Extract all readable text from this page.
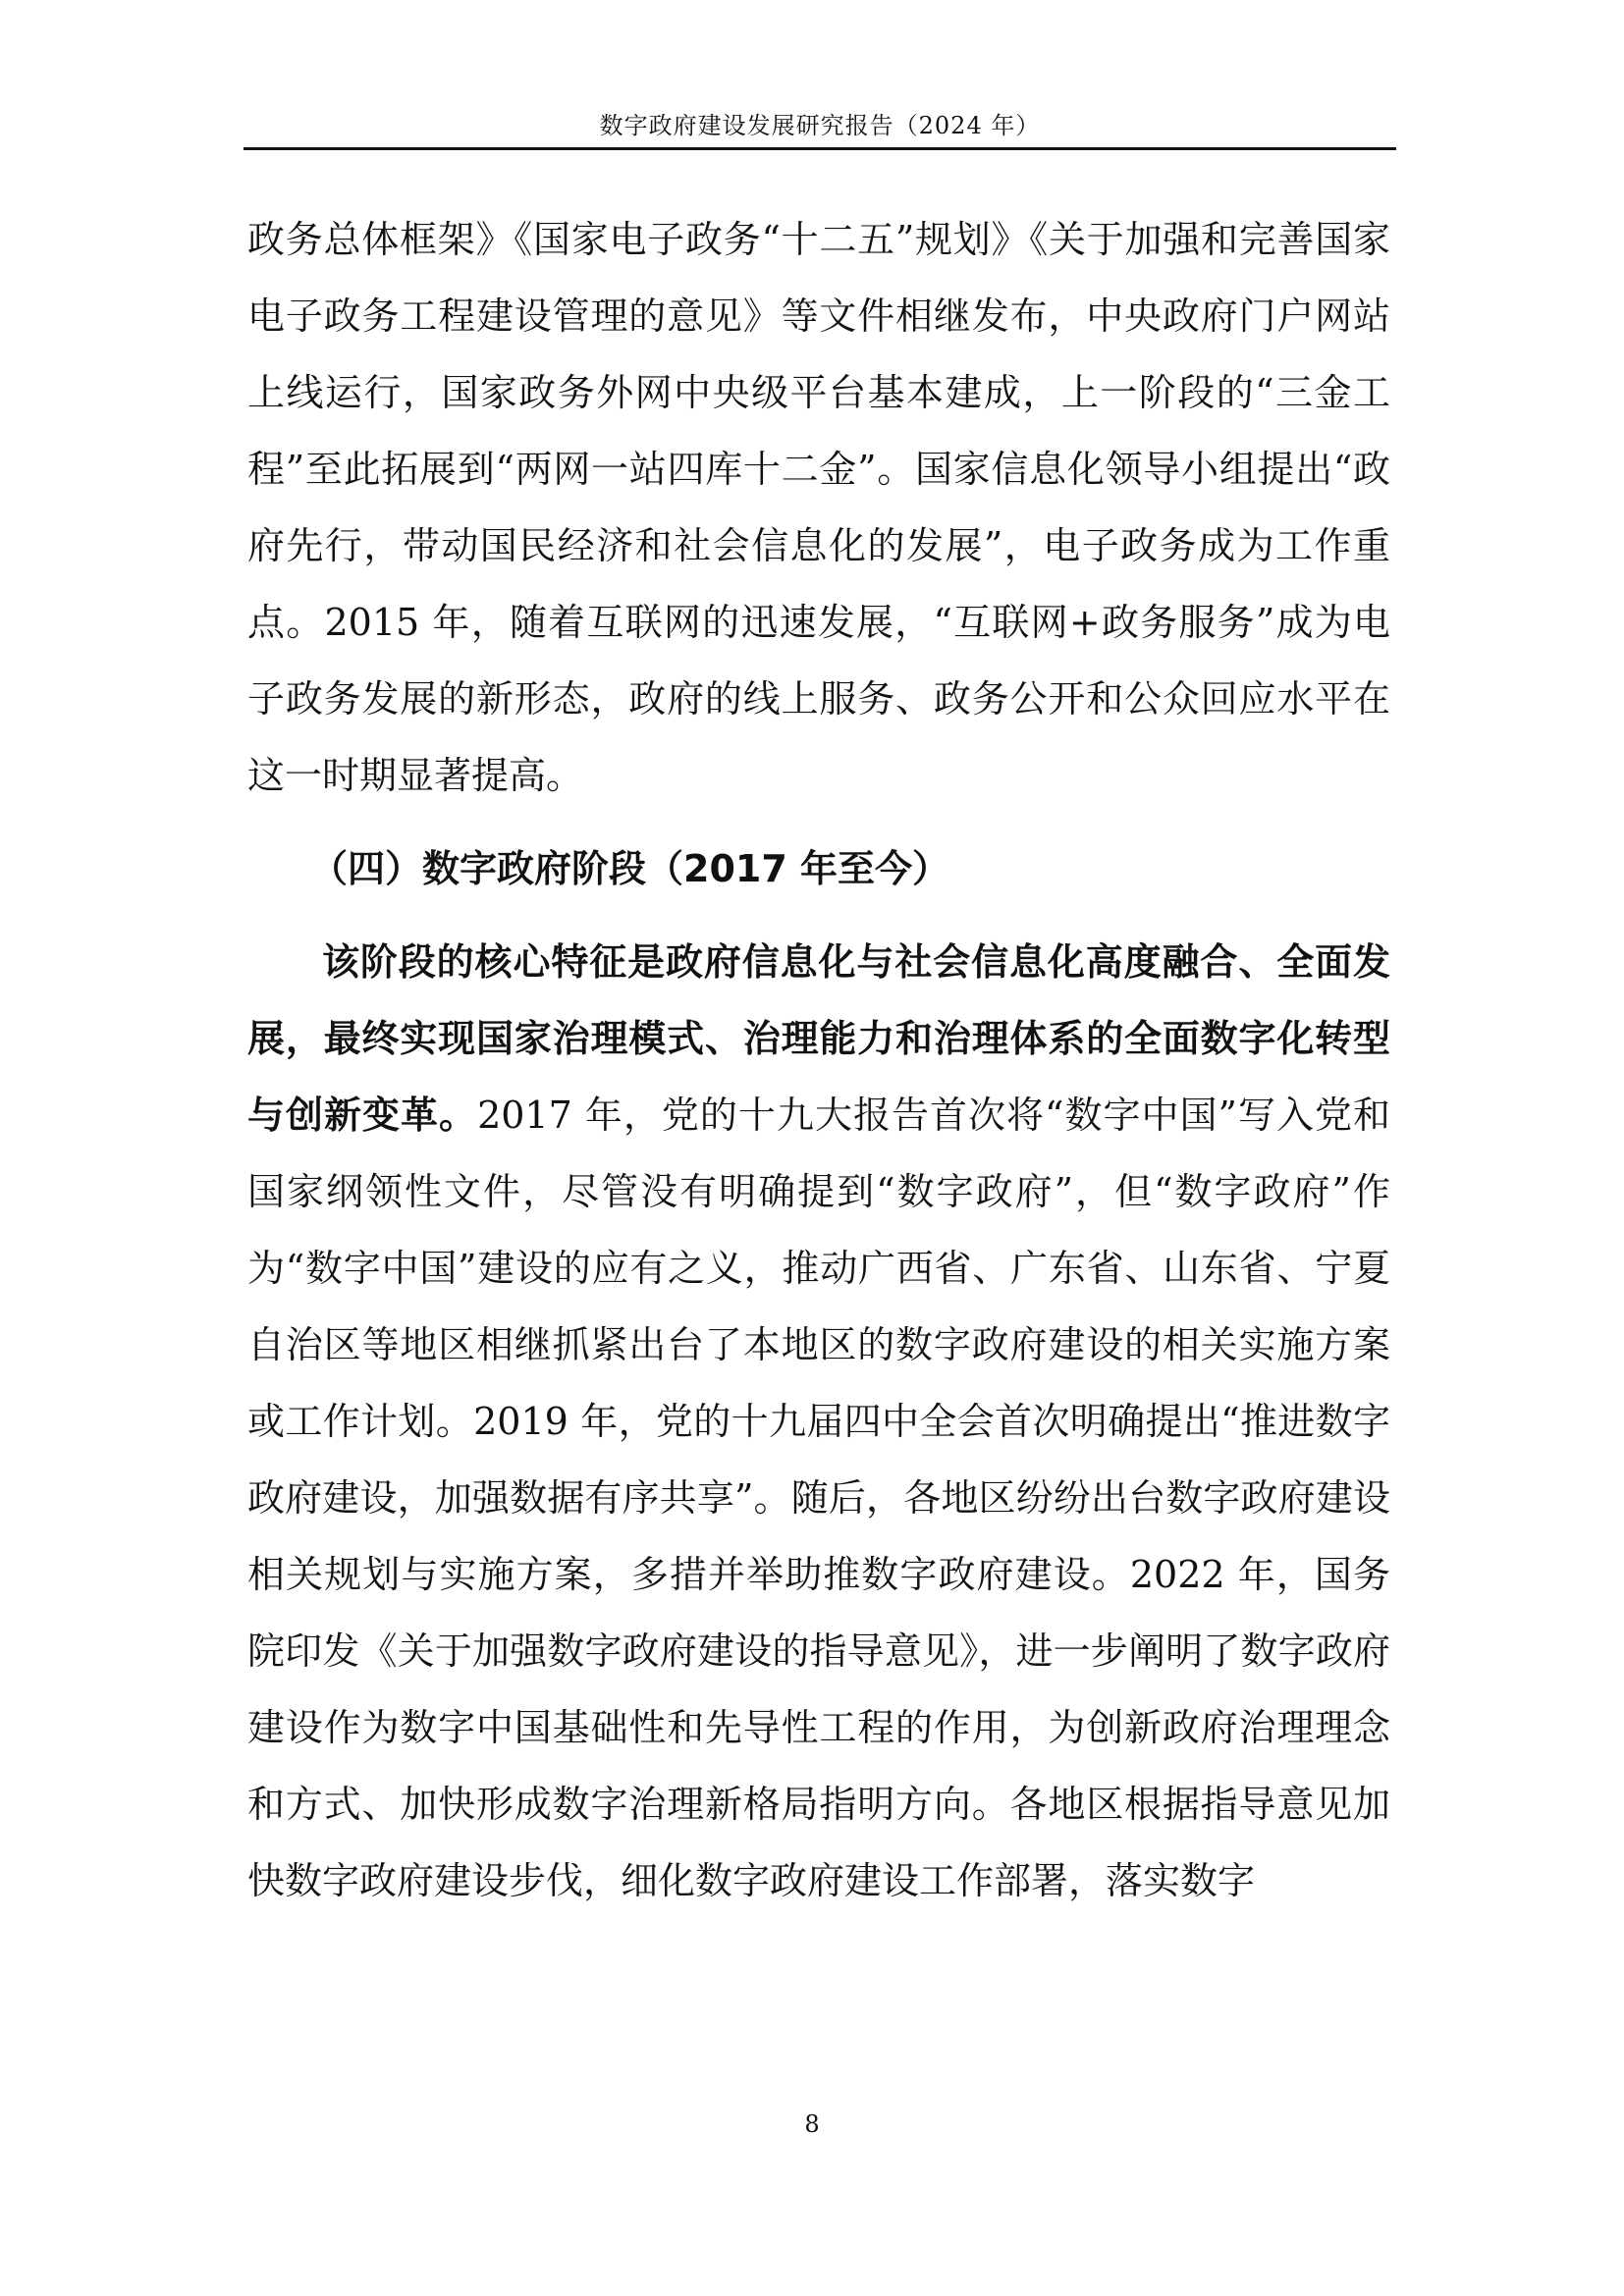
数字政府建设发展研究报告（2024 年）

政务总体框架》《国家电子政务“十二五”规划》《关于加强和完善国家电子政务工程建设管理的意见》等文件相继发布，中央政府门户网站上线运行，国家政务外网中央级平台基本建成，上一阶段的“三金工程”至此拓展到“两网一站四库十二金”。国家信息化领导小组提出“政府先行，带动国民经济和社会信息化的发展”，电子政务成为工作重点。2015 年，随着互联网的迅速发展，“互联网+政务服务”成为电子政务发展的新形态，政府的线上服务、政务公开和公众回应水平在这一时期显著提高。

（四）数字政府阶段（2017 年至今）

该阶段的核心特征是政府信息化与社会信息化高度融合、全面发展，最终实现国家治理模式、治理能力和治理体系的全面数字化转型与创新变革。2017 年，党的十九大报告首次将“数字中国”写入党和国家纲领性文件，尽管没有明确提到“数字政府”，但“数字政府”作为“数字中国”建设的应有之义，推动广西省、广东省、山东省、宁夏自治区等地区相继抓紧出台了本地区的数字政府建设的相关实施方案或工作计划。2019 年，党的十九届四中全会首次明确提出“推进数字政府建设，加强数据有序共享”。随后，各地区纷纷出台数字政府建设相关规划与实施方案，多措并举助推数字政府建设。2022 年，国务院印发《关于加强数字政府建设的指导意见》，进一步阐明了数字政府建设作为数字中国基础性和先导性工程的作用，为创新政府治理理念和方式、加快形成数字治理新格局指明方向。各地区根据指导意见加快数字政府建设步伐，细化数字政府建设工作部署，落实数字

8
